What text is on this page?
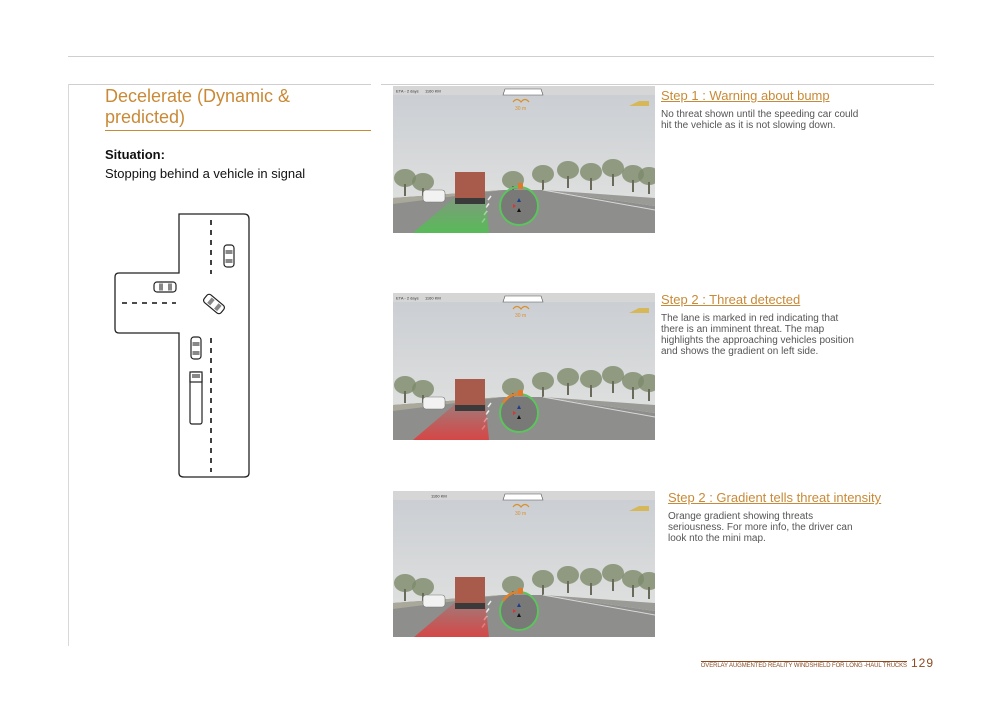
Decelerate (Dynamic & predicted)
Situation:
Stopping behind a vehicle in signal
ETA - 2 days 1160 KM
30 m
ETA - 2 days 1160 KM
30 m
1160 KM
30 m
Step 1 : Warning about bump
No threat shown until the speeding car could hit the vehicle as it is not slowing down.
Step 2 : Threat detected
The lane is marked in red indicating that there is an imminent threat. The map highlights the approaching vehicles position and shows the gradient on left side.
Step 2 : Gradient tells threat intensity
Orange gradient showing threats seriousness. For more info, the driver can look nto the mini map.
OVERLAY AUGMENTED REALITY WINDSHIELD FOR LONG -HAUL TRUCKS 129
